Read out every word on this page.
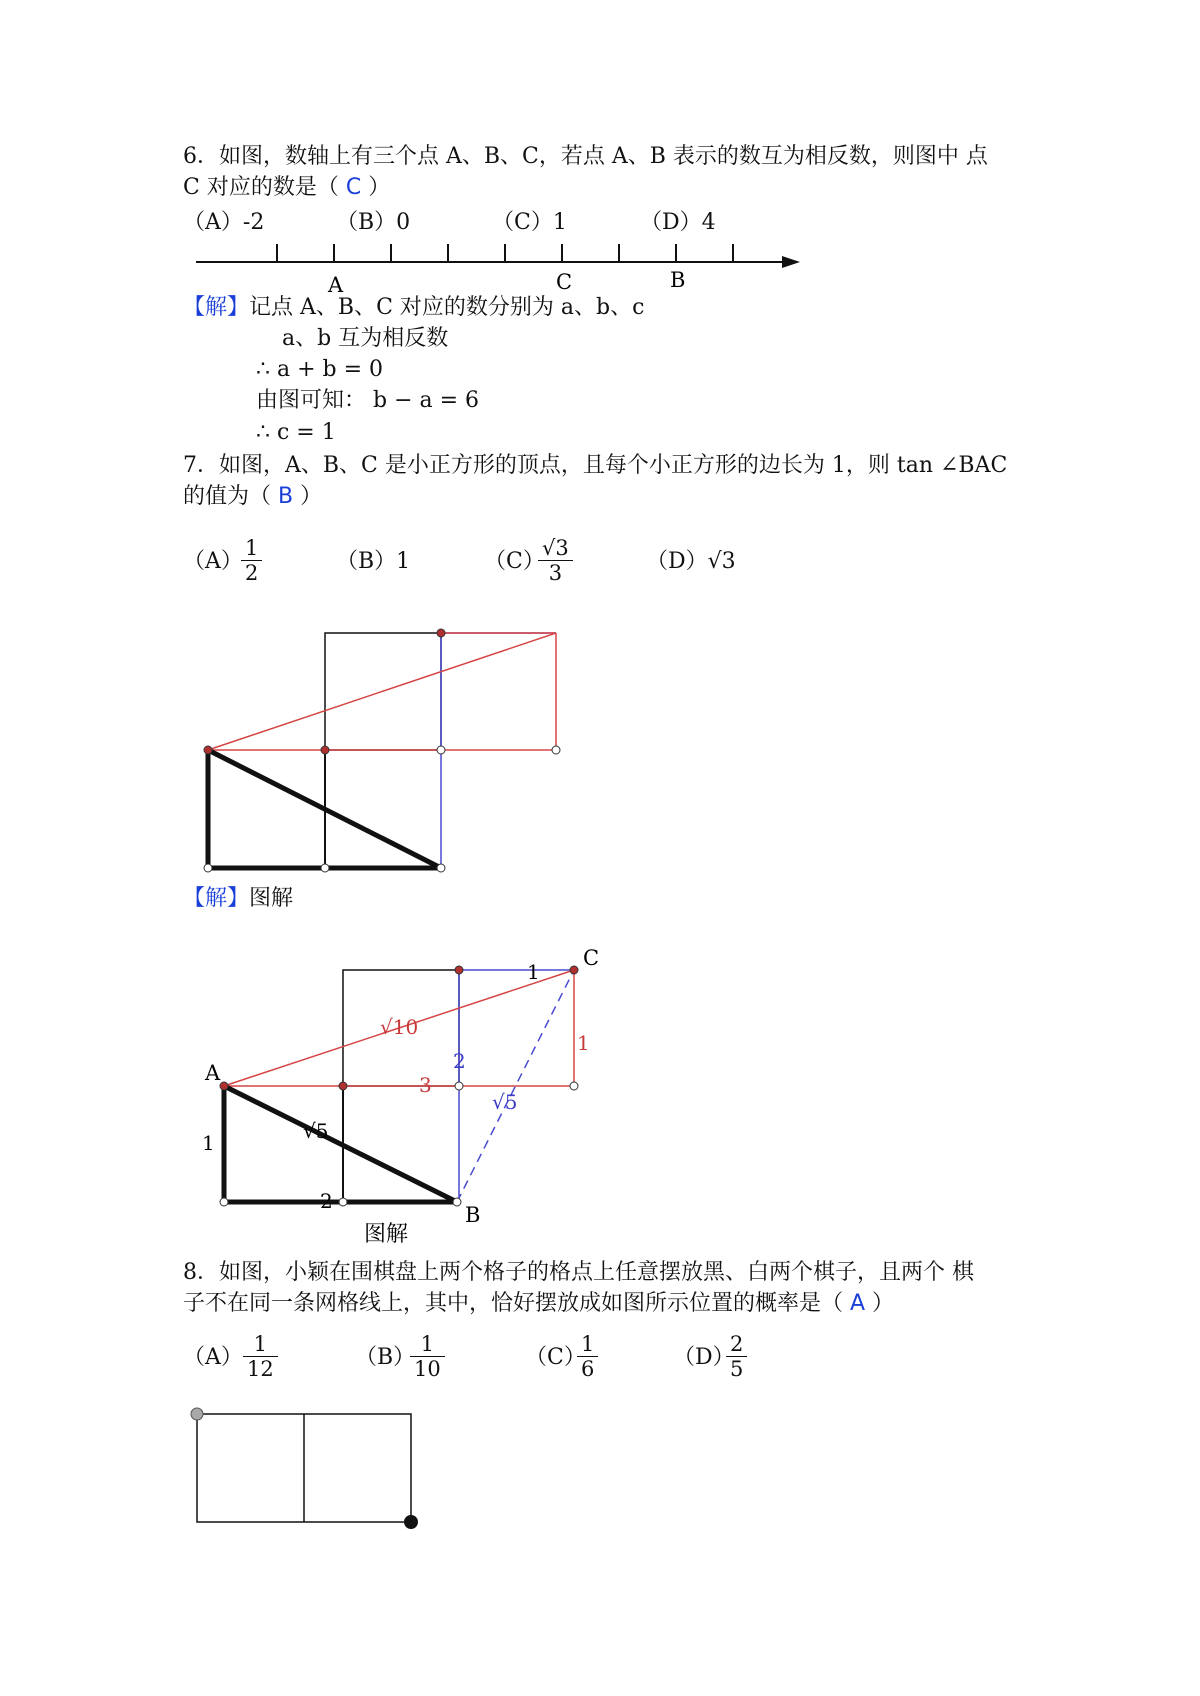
6．如图，数轴上有三个点 A、B、C，若点 A、B 表示的数互为相反数，则图中 点
C 对应的数是（ C ）
（A）-2	（B）0	（C）1	（D）4
A	C	B
A
B
C
1
√10
2
1
3
√5
√5
1
2
图解
【解】记点 A、B、C 对应的数分别为 a、b、c
a、b 互为相反数
∴ a + b = 0
由图可知： b − a = 6
∴ c = 1
7．如图，A、B、C 是小正方形的顶点，且每个小正方形的边长为 1，则 tan ∠BAC
的值为（ B ）
（A）
$\frac{1}{2}$	（B）1	（C）
$\frac{√3}{3}$	（D）√3
【解】图解
8．如图，小颖在围棋盘上两个格子的格点上任意摆放黑、白两个棋子，且两个 棋
子不在同一条网格线上，其中，恰好摆放成如图所示位置的概率是（ A ）
$(A) \frac{1}{12}$	（B）
$\frac{1}{10}$	（C）
$\frac{1}{6}$	（D）
$\frac{2}{5}$
